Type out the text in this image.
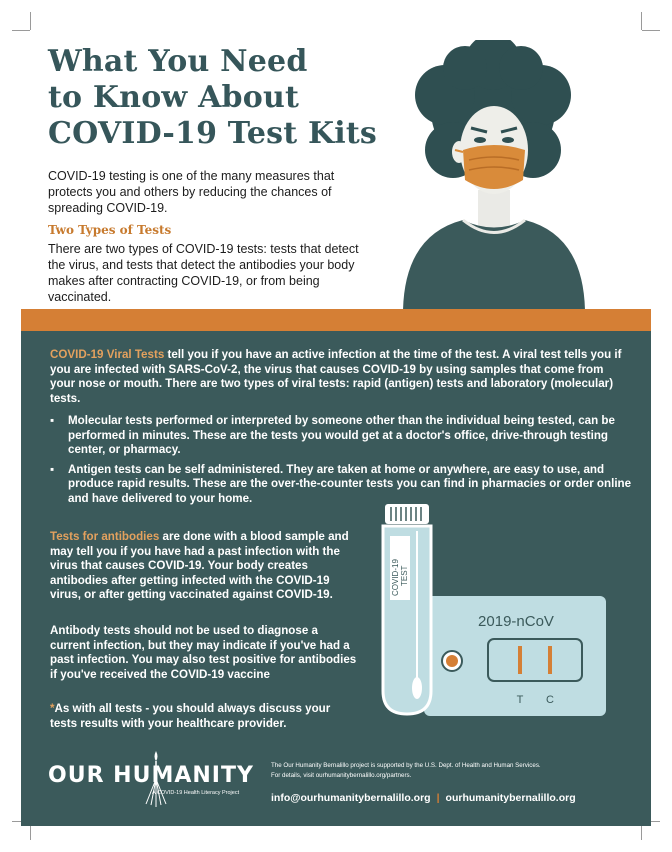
What You Need
to Know About
COVID-19 Test Kits

COVID-19 testing is one of the many measures that protects you and others by reducing the chances of spreading COVID-19.

Two Types of Tests

There are two types of COVID-19 tests: tests that detect the virus, and tests that detect the antibodies your body makes after contracting COVID-19, or from being vaccinated.

COVID-19 Viral Tests tell you if you have an active infection at the time of the test. A viral test tells you if you are infected with SARS-CoV-2, the virus that causes COVID-19 by using samples that come from your nose or mouth. There are two types of viral tests: rapid (antigen) tests and laboratory (molecular) tests.

▪ Molecular tests performed or interpreted by someone other than the individual being tested, can be performed in minutes. These are the tests you would get at a doctor's office, drive-through testing center, or pharmacy.
▪ Antigen tests can be self administered. They are taken at home or anywhere, are easy to use, and produce rapid results. These are the over-the-counter tests you can find in pharmacies or order online and have delivered to your home.

Tests for antibodies are done with a blood sample and may tell you if you have had a past infection with the virus that causes COVID-19. Your body creates antibodies after getting infected with the COVID-19 virus, or after getting vaccinated against COVID-19.

Antibody tests should not be used to diagnose a current infection, but they may indicate if you've had a past infection. You may also test positive for antibodies if you've received the COVID-19 vaccine

*As with all tests - you should always discuss your tests results with your healthcare provider.

2019-nCoV
T C
COVID-19 TEST
OUR HUMANITY
A COVID-19 Health Literacy Project
The Our Humanity Bernalillo project is supported by the U.S. Dept. of Health and Human Services.
For details, visit ourhumanitybernalillo.org/partners.
info@ourhumanitybernalillo.org | ourhumanitybernalillo.org
